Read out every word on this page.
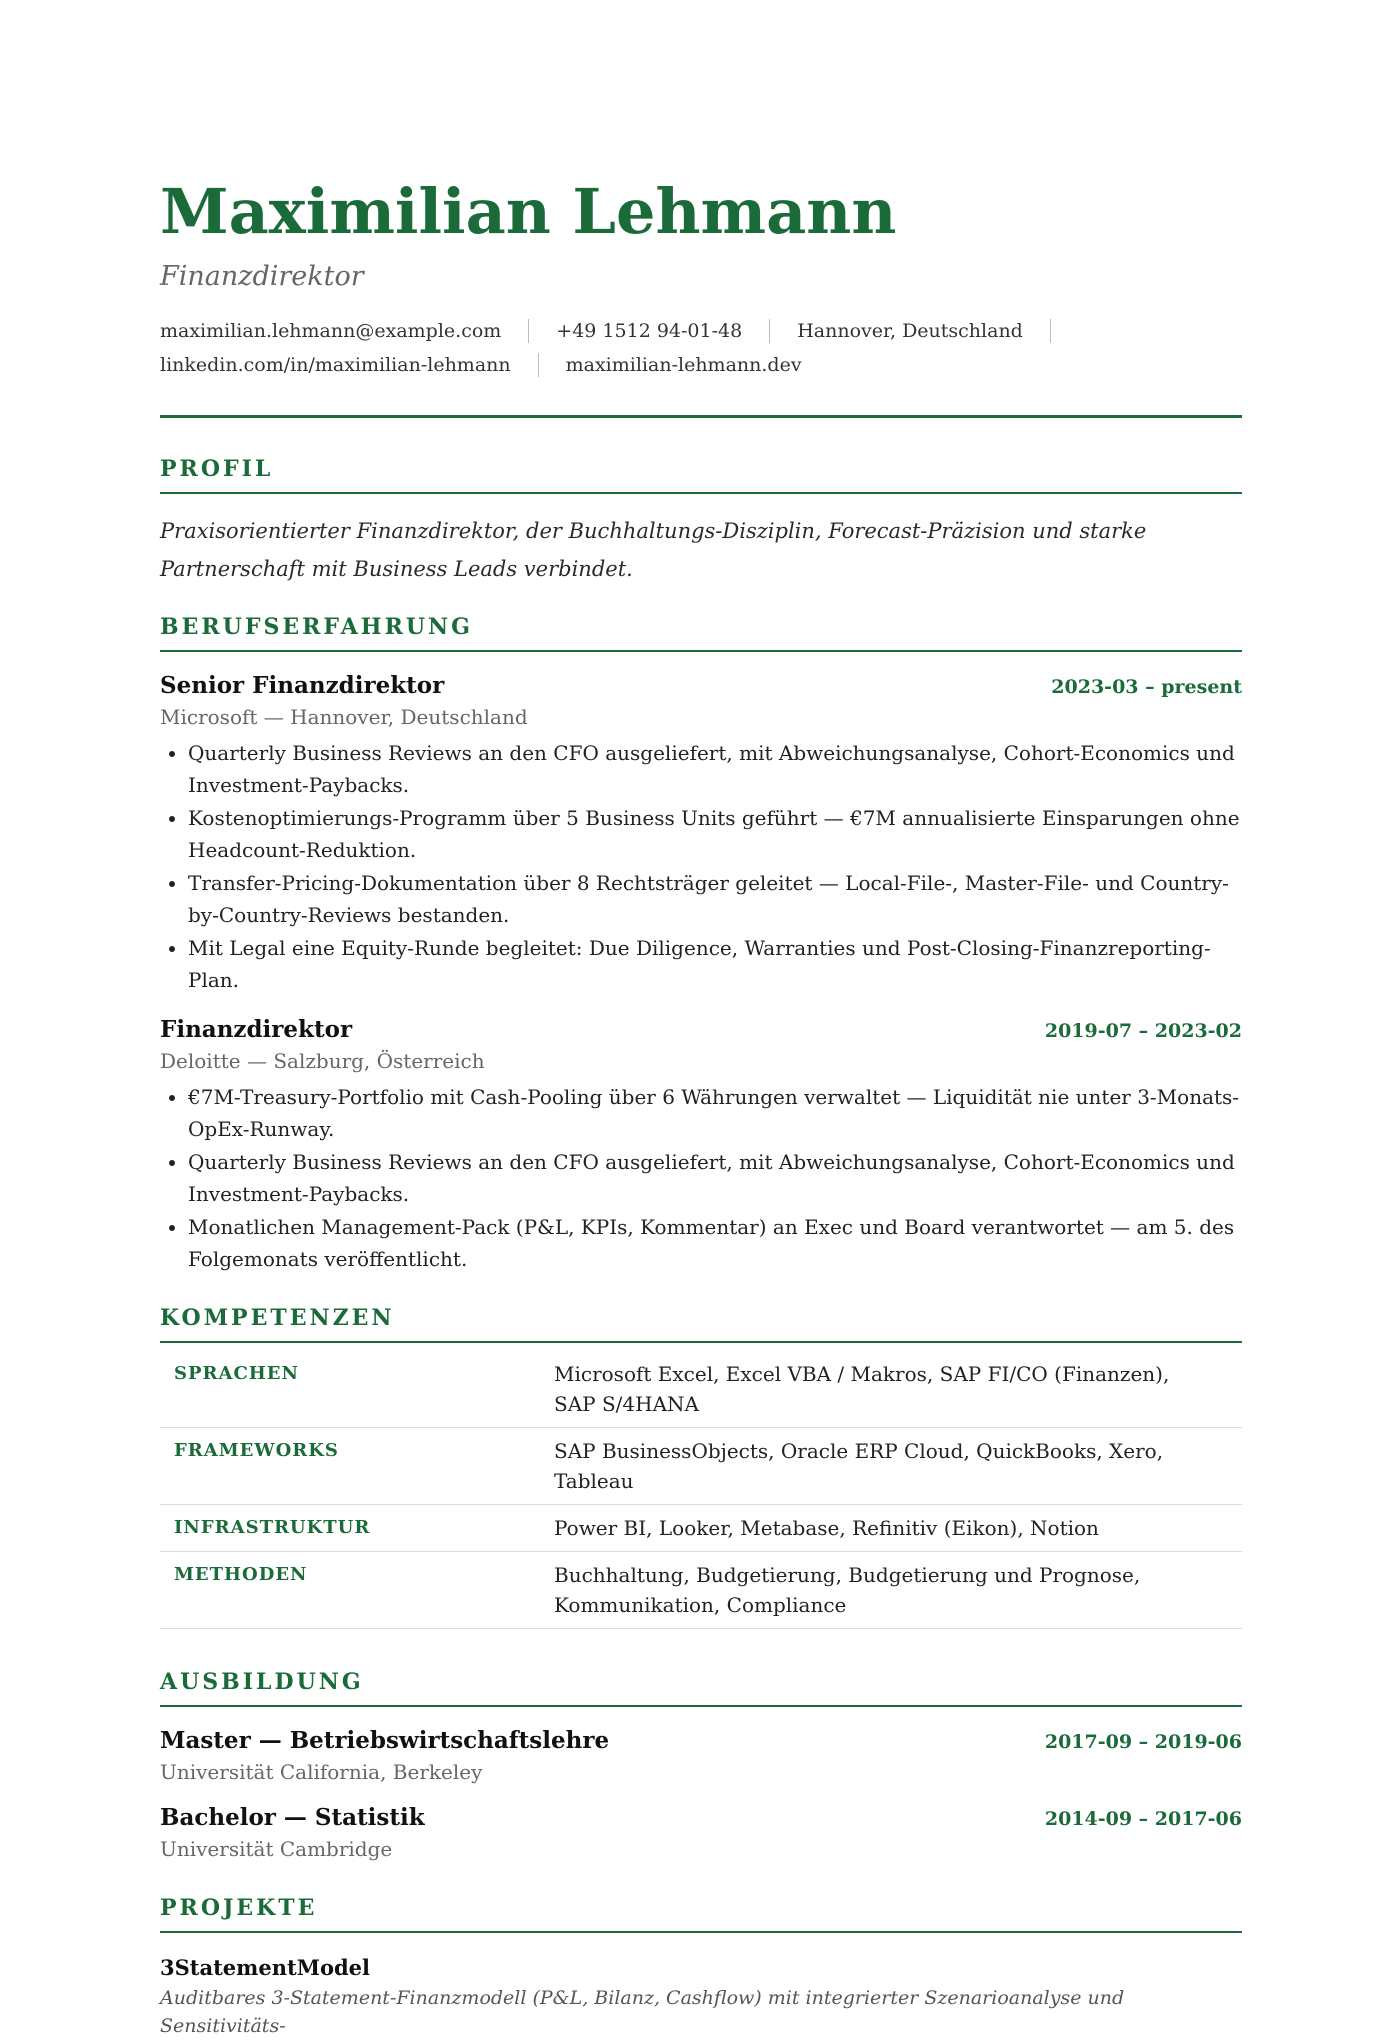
Maximilian Lehmann
Finanzdirektor
maximilian.lehmann@example.com	+49 1512 94-01-48	Hannover, Deutschland
linkedin.com/in/maximilian-lehmann	maximilian-lehmann.dev
PROFIL
Praxisorientierter Finanzdirektor, der Buchhaltungs-Disziplin, Forecast-Präzision und starke Partnerschaft mit Business Leads verbindet.
BERUFSERFAHRUNG
Senior Finanzdirektor	2023-03 – present
Microsoft — Hannover, Deutschland
• Quarterly Business Reviews an den CFO ausgeliefert, mit Abweichungsanalyse, Cohort-Economics und Investment-Paybacks.
• Kostenoptimierungs-Programm über 5 Business Units geführt — €7M annualisierte Einsparungen ohne Headcount-Reduktion.
• Transfer-Pricing-Dokumentation über 8 Rechtsträger geleitet — Local-File-, Master-File- und Country-by-Country-Reviews bestanden.
• Mit Legal eine Equity-Runde begleitet: Due Diligence, Warranties und Post-Closing-Finanzreporting-Plan.
Finanzdirektor	2019-07 – 2023-02
Deloitte — Salzburg, Österreich
• €7M-Treasury-Portfolio mit Cash-Pooling über 6 Währungen verwaltet — Liquidität nie unter 3-Monats-OpEx-Runway.
• Quarterly Business Reviews an den CFO ausgeliefert, mit Abweichungsanalyse, Cohort-Economics und Investment-Paybacks.
• Monatlichen Management-Pack (P&L, KPIs, Kommentar) an Exec und Board verantwortet — am 5. des Folgemonats veröffentlicht.
KOMPETENZEN
SPRACHEN	Microsoft Excel, Excel VBA / Makros, SAP FI/CO (Finanzen), SAP S/4HANA
FRAMEWORKS	SAP BusinessObjects, Oracle ERP Cloud, QuickBooks, Xero, Tableau
INFRASTRUKTUR	Power BI, Looker, Metabase, Refinitiv (Eikon), Notion
METHODEN	Buchhaltung, Budgetierung, Budgetierung und Prognose, Kommunikation, Compliance
AUSBILDUNG
Master — Betriebswirtschaftslehre	2017-09 – 2019-06
Universität California, Berkeley
Bachelor — Statistik	2014-09 – 2017-06
Universität Cambridge
PROJEKTE
3StatementModel
Auditbares 3-Statement-Finanzmodell (P&L, Bilanz, Cashflow) mit integrierter Szenarioanalyse und Sensitivitäts-
